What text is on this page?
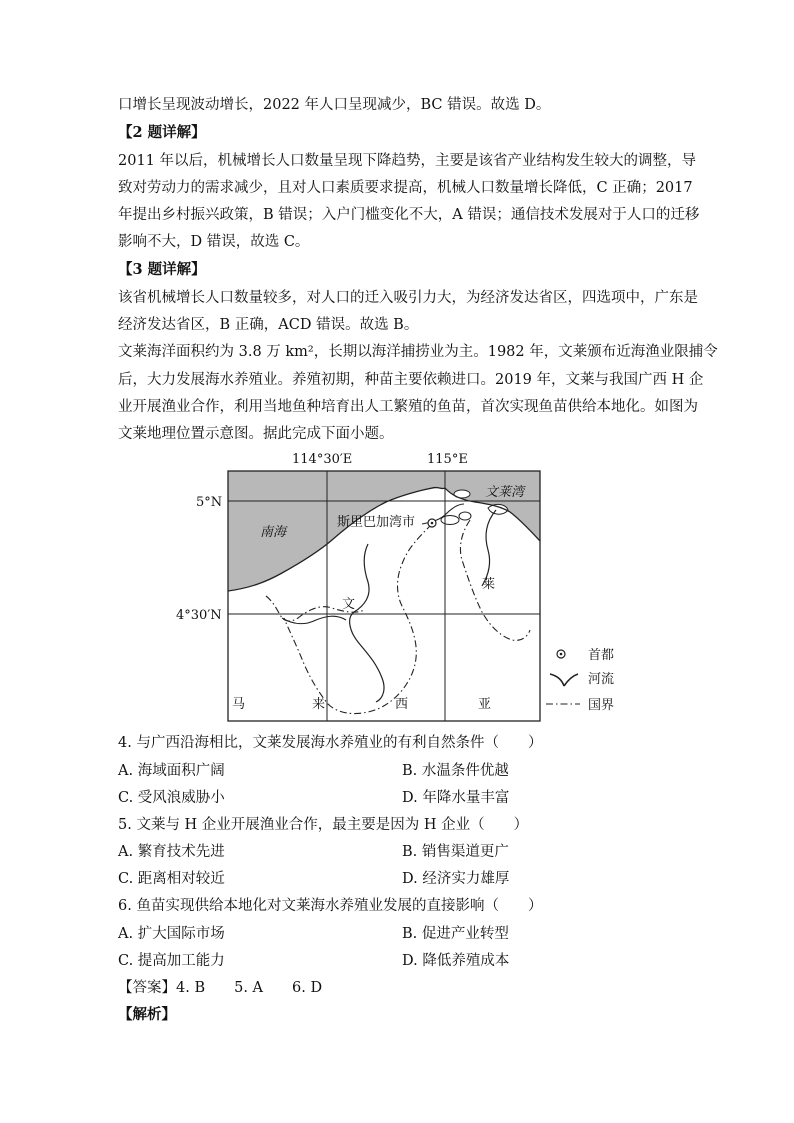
口增长呈现波动增长，2022 年人口呈现减少，BC 错误。故选 D。
【2 题详解】
2011 年以后，机械增长人口数量呈现下降趋势，主要是该省产业结构发生较大的调整，导
致对劳动力的需求减少，且对人口素质要求提高，机械人口数量增长降低，C 正确；2017
年提出乡村振兴政策，B 错误；入户门槛变化不大，A 错误；通信技术发展对于人口的迁移
影响不大，D 错误，故选 C。
【3 题详解】
该省机械增长人口数量较多，对人口的迁入吸引力大，为经济发达省区，四选项中，广东是
经济发达省区，B 正确，ACD 错误。故选 B。
文莱海洋面积约为 3.8 万 km²，长期以海洋捕捞业为主。1982 年，文莱颁布近海渔业限捕令
后，大力发展海水养殖业。养殖初期，种苗主要依赖进口。2019 年，文莱与我国广西 H 企
业开展渔业合作，利用当地鱼种培育出人工繁殖的鱼苗，首次实现鱼苗供给本地化。如图为
文莱地理位置示意图。据此完成下面小题。
114°30′E	115°E
5°N
4°30′N
文莱湾
南海
斯里巴加湾市
文
莱
马	来	西	亚
首都
河流
国界
4. 与广西沿海相比，文莱发展海水养殖业的有利自然条件（　　）
A. 海域面积广阔	B. 水温条件优越
C. 受风浪威胁小	D. 年降水量丰富
5. 文莱与 H 企业开展渔业合作，最主要是因为 H 企业（　　）
A. 繁育技术先进	B. 销售渠道更广
C. 距离相对较近	D. 经济实力雄厚
6. 鱼苗实现供给本地化对文莱海水养殖业发展的直接影响（　　）
A. 扩大国际市场	B. 促进产业转型
C. 提高加工能力	D. 降低养殖成本
【答案】4. B　　5. A　　6. D
【解析】
